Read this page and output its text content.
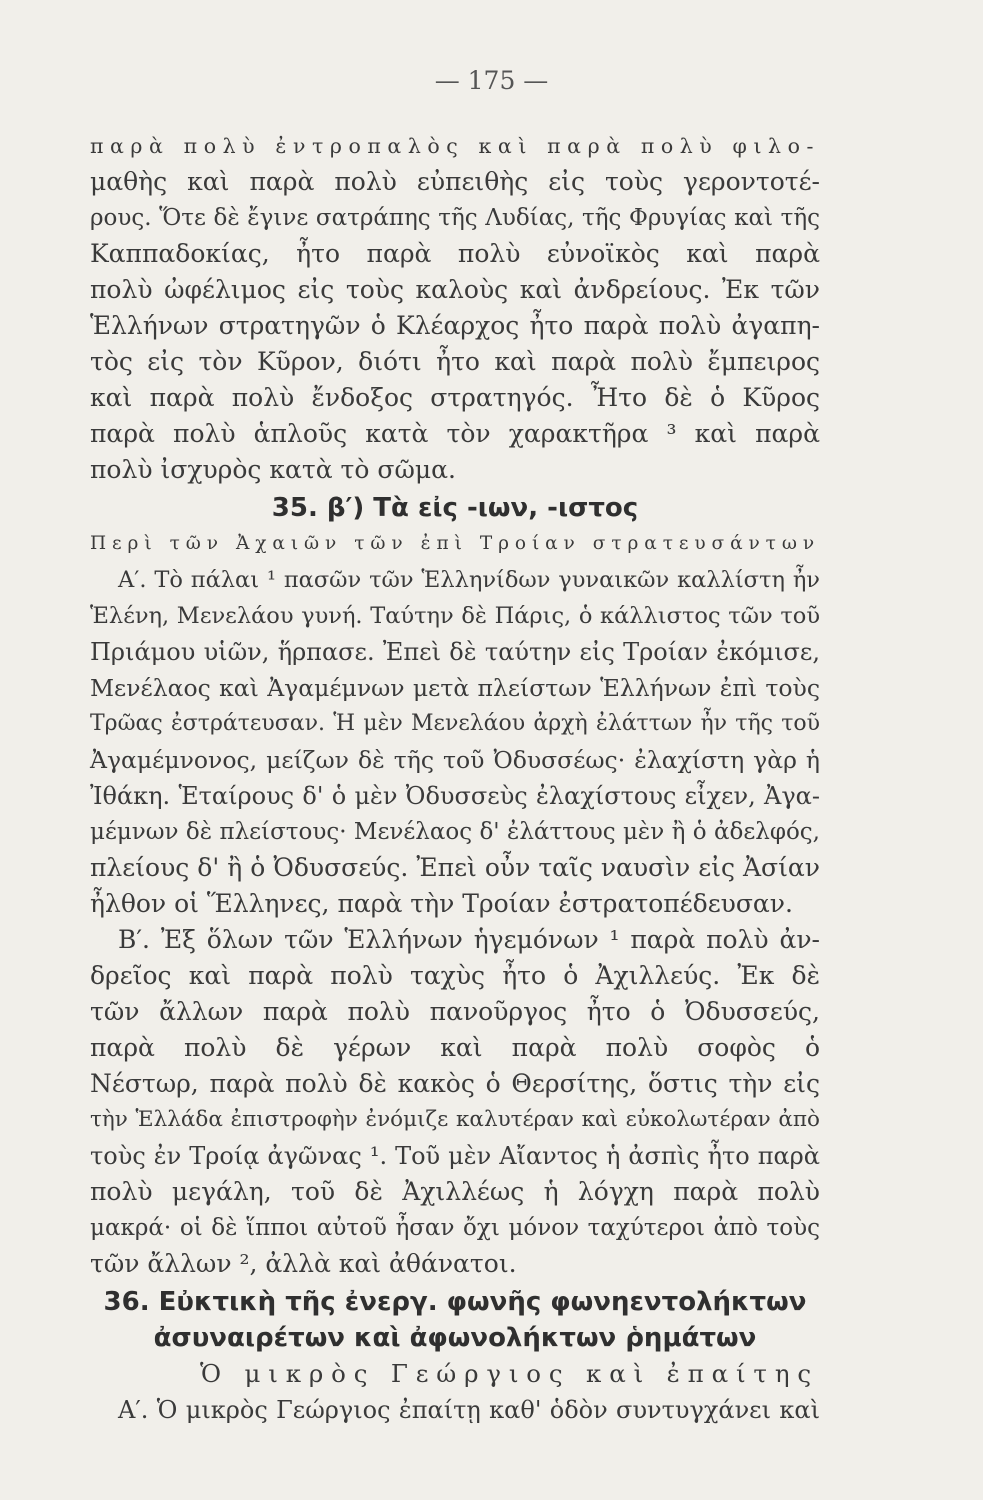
— 175 —
παρὰ πολὺ ἐντροπαλὸς καὶ παρὰ πολὺ φιλο-
μαθὴς καὶ παρὰ πολὺ εὐπειθὴς εἰς τοὺς γεροντοτέ-
ρους. Ὅτε δὲ ἔγινε σατράπης τῆς Λυδίας, τῆς Φρυγίας καὶ τῆς
Καππαδοκίας, ἦτο παρὰ πολὺ εὐνοϊκὸς καὶ παρὰ
πολὺ ὠφέλιμος εἰς τοὺς καλοὺς καὶ ἀνδρείους. Ἐκ τῶν
Ἑλλήνων στρατηγῶν ὁ Κλέαρχος ἦτο παρὰ πολὺ ἀγαπη-
τὸς εἰς τὸν Κῦρον, διότι ἦτο καὶ παρὰ πολὺ ἔμπειρος
καὶ παρὰ πολὺ ἔνδοξος στρατηγός. Ἦτο δὲ ὁ Κῦρος
παρὰ πολὺ ἁπλοῦς κατὰ τὸν χαρακτῆρα ³ καὶ παρὰ
πολὺ ἰσχυρὸς κατὰ τὸ σῶμα.
35. β′) Τὰ εἰς -ιων, -ιστος
Περὶ τῶν Ἀχαιῶν τῶν ἐπὶ Τροίαν στρατευσάντων
Α′. Τὸ πάλαι ¹ πασῶν τῶν Ἑλληνίδων γυναικῶν καλλίστη ἦν
Ἑλένη, Μενελάου γυνή. Ταύτην δὲ Πάρις, ὁ κάλλιστος τῶν τοῦ
Πριάμου υἱῶν, ἥρπασε. Ἐπεὶ δὲ ταύτην εἰς Τροίαν ἐκόμισε,
Μενέλαος καὶ Ἀγαμέμνων μετὰ πλείστων Ἑλλήνων ἐπὶ τοὺς
Τρῶας ἐστράτευσαν. Ἡ μὲν Μενελάου ἀρχὴ ἐλάττων ἦν τῆς τοῦ
Ἀγαμέμνονος, μείζων δὲ τῆς τοῦ Ὀδυσσέως· ἐλαχίστη γὰρ ἡ
Ἰθάκη. Ἑταίρους δ' ὁ μὲν Ὀδυσσεὺς ἐλαχίστους εἶχεν, Ἀγα-
μέμνων δὲ πλείστους· Μενέλαος δ' ἐλάττους μὲν ἢ ὁ ἀδελφός,
πλείους δ' ἢ ὁ Ὀδυσσεύς. Ἐπεὶ οὖν ταῖς ναυσὶν εἰς Ἀσίαν
ἦλθον οἱ Ἕλληνες, παρὰ τὴν Τροίαν ἐστρατοπέδευσαν.
Β′. Ἐξ ὅλων τῶν Ἑλλήνων ἡγεμόνων ¹ παρὰ πολὺ ἀν-
δρεῖος καὶ παρὰ πολὺ ταχὺς ἦτο ὁ Ἀχιλλεύς. Ἐκ δὲ
τῶν ἄλλων παρὰ πολὺ πανοῦργος ἦτο ὁ Ὀδυσσεύς,
παρὰ πολὺ δὲ γέρων καὶ παρὰ πολὺ σοφὸς ὁ
Νέστωρ, παρὰ πολὺ δὲ κακὸς ὁ Θερσίτης, ὅστις τὴν εἰς
τὴν Ἑλλάδα ἐπιστροφὴν ἐνόμιζε καλυτέραν καὶ εὐκολωτέραν ἀπὸ
τοὺς ἐν Τροίᾳ ἀγῶνας ¹. Τοῦ μὲν Αἴαντος ἡ ἀσπὶς ἦτο παρὰ
πολὺ μεγάλη, τοῦ δὲ Ἀχιλλέως ἡ λόγχη παρὰ πολὺ
μακρά· οἱ δὲ ἵπποι αὐτοῦ ἦσαν ὄχι μόνον ταχύτεροι ἀπὸ τοὺς
τῶν ἄλλων ², ἀλλὰ καὶ ἀθάνατοι.
36. Εὐκτικὴ τῆς ἐνεργ. φωνῆς φωνηεντολήκτων
ἀσυναιρέτων καὶ ἀφωνολήκτων ῥημάτων
Ὁ μικρὸς Γεώργιος καὶ ἐπαίτης
Α′. Ὁ μικρὸς Γεώργιος ἐπαίτῃ καθ' ὁδὸν συντυγχάνει καὶ
